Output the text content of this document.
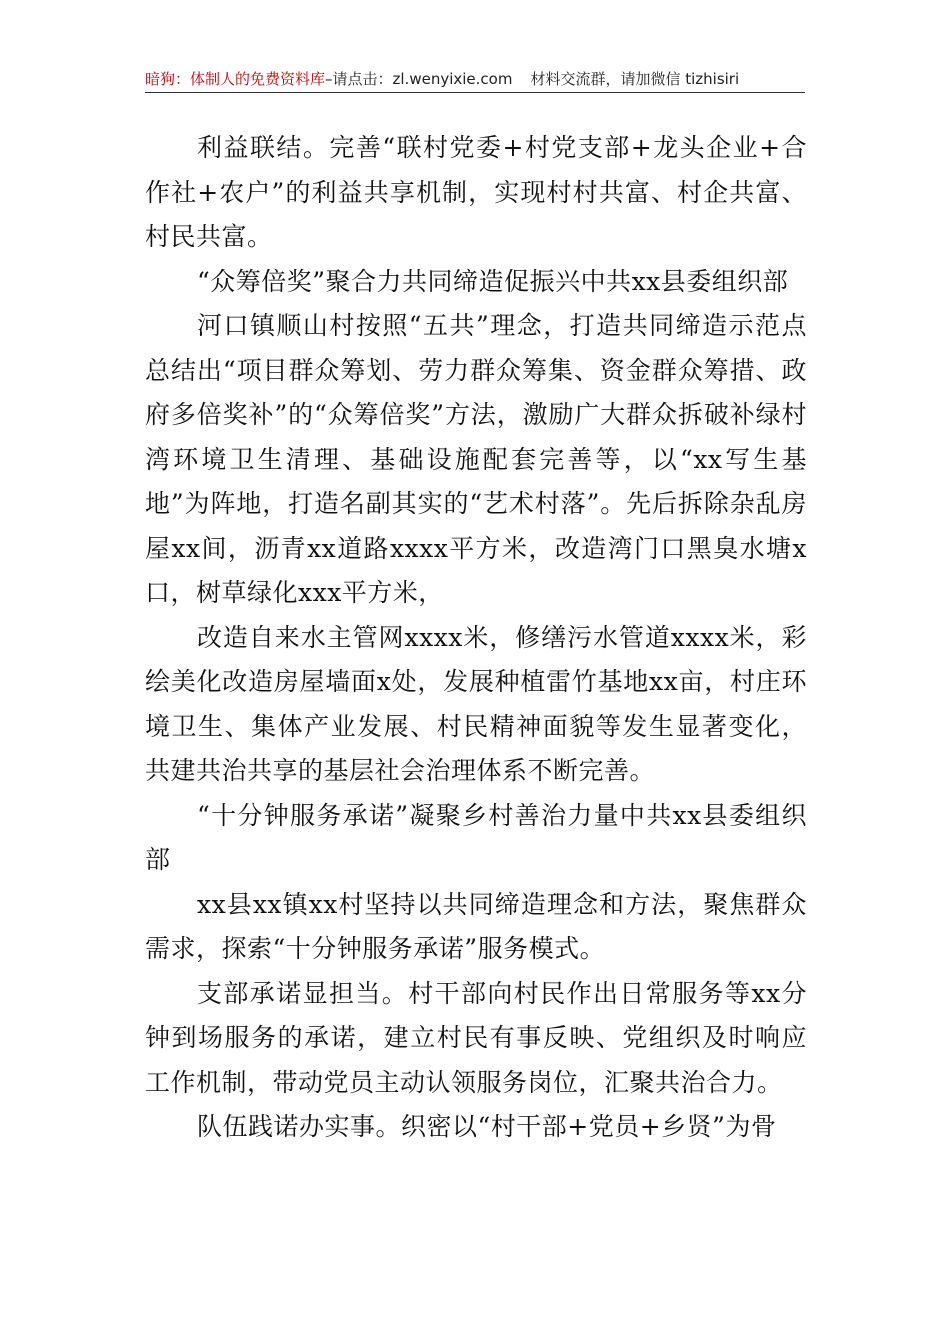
暗狗：体制人的免费资料库–请点击：zl.wenyixie.com 材料交流群，请加微信 tizhisiri

利益联结。完善“联村党委+村党支部+龙头企业+合作社+农户”的利益共享机制，实现村村共富、村企共富、村民共富。

“众筹倍奖”聚合力共同缔造促振兴中共xx县委组织部

河口镇顺山村按照“五共”理念，打造共同缔造示范点总结出“项目群众筹划、劳力群众筹集、资金群众筹措、政府多倍奖补”的“众筹倍奖”方法，激励广大群众拆破补绿村湾环境卫生清理、基础设施配套完善等，以“xx写生基地”为阵地，打造名副其实的“艺术村落”。先后拆除杂乱房屋xx间，沥青xx道路xxxx平方米，改造湾门口黑臭水塘x口，树草绿化xxx平方米，

改造自来水主管网xxxx米，修缮污水管道xxxx米，彩绘美化改造房屋墙面x处，发展种植雷竹基地xx亩，村庄环境卫生、集体产业发展、村民精神面貌等发生显著变化，共建共治共享的基层社会治理体系不断完善。

“十分钟服务承诺”凝聚乡村善治力量中共xx县委组织部

xx县xx镇xx村坚持以共同缔造理念和方法，聚焦群众需求，探索“十分钟服务承诺”服务模式。

支部承诺显担当。村干部向村民作出日常服务等xx分钟到场服务的承诺，建立村民有事反映、党组织及时响应工作机制，带动党员主动认领服务岗位，汇聚共治合力。

队伍践诺办实事。织密以“村干部+党员+乡贤”为骨
